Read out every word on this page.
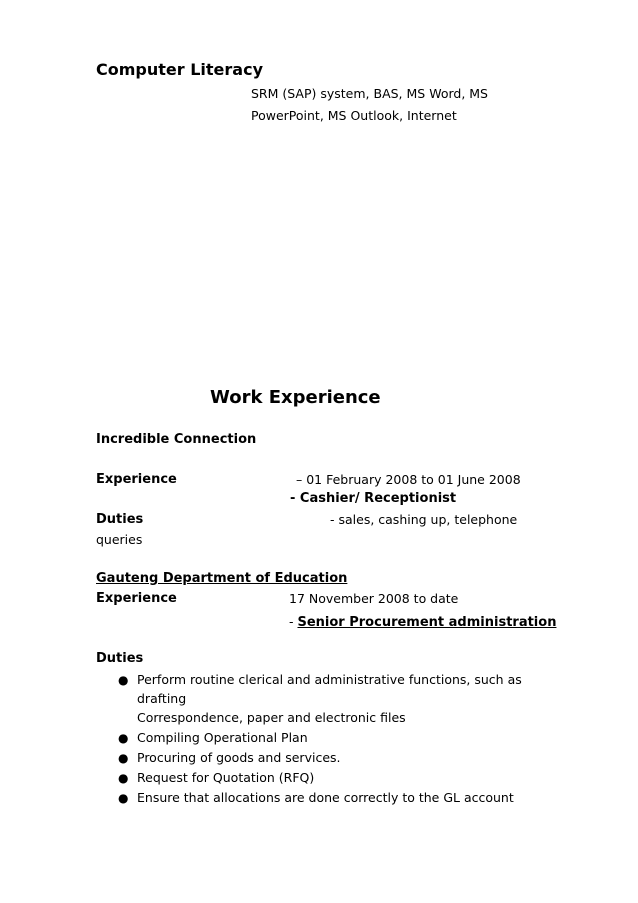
Computer Literacy
SRM (SAP) system, BAS, MS Word, MS
PowerPoint, MS Outlook, Internet
Work Experience
Incredible Connection
Experience	– 01 February 2008 to 01 June 2008
- Cashier/ Receptionist
Duties	- sales, cashing up, telephone
queries
Gauteng Department of Education
Experience	17 November 2008 to date
- Senior Procurement administration
Duties
● Perform routine clerical and administrative functions, such as
drafting
Correspondence, paper and electronic files
● Compiling Operational Plan
● Procuring of goods and services.
● Request for Quotation (RFQ)
● Ensure that allocations are done correctly to the GL account
